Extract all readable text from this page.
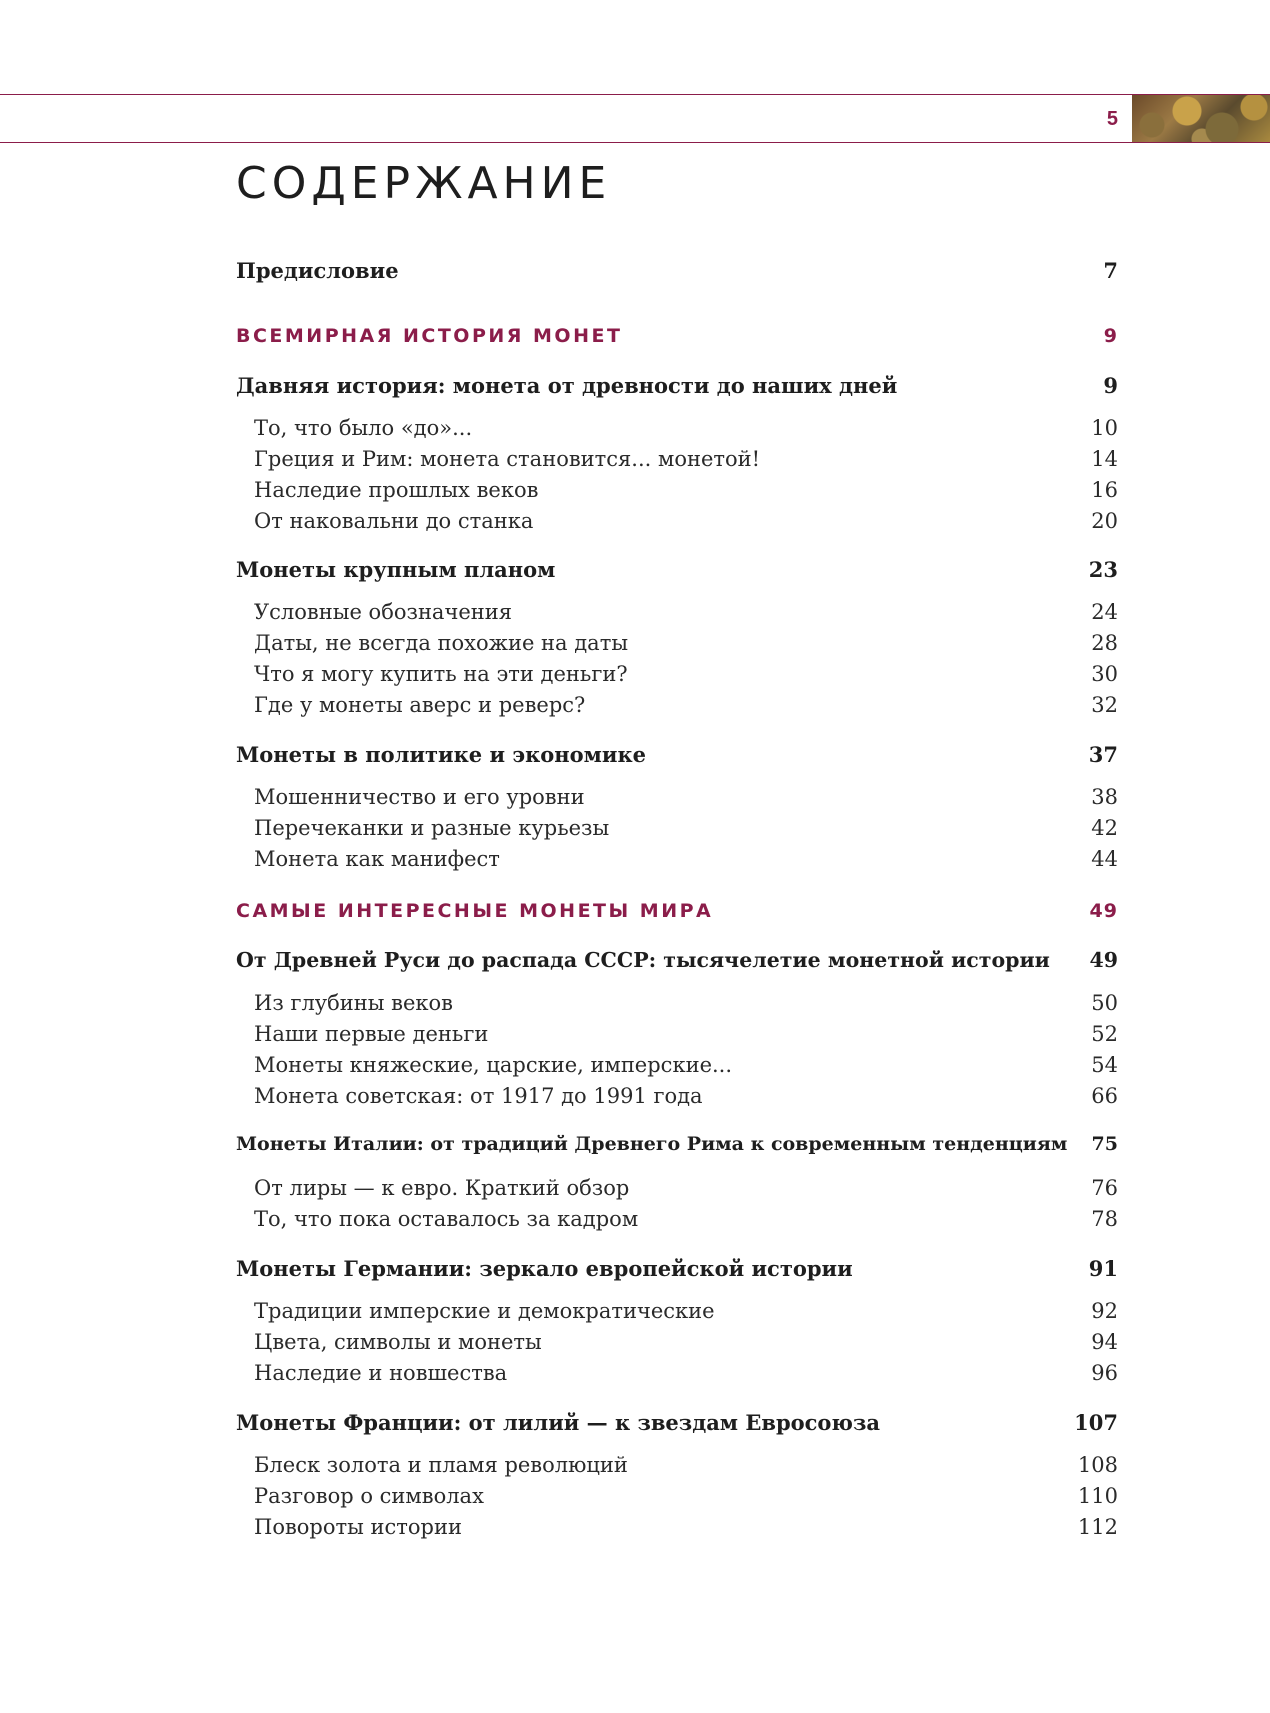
5
СОДЕРЖАНИЕ
Предисловие	7
ВСЕМИРНАЯ ИСТОРИЯ МОНЕТ	9
Давняя история: монета от древности до наших дней	9
То, что было «до»...	10
Греция и Рим: монета становится... монетой!	14
Наследие прошлых веков	16
От наковальни до станка	20
Монеты крупным планом	23
Условные обозначения	24
Даты, не всегда похожие на даты	28
Что я могу купить на эти деньги?	30
Где у монеты аверс и реверс?	32
Монеты в политике и экономике	37
Мошенничество и его уровни	38
Перечеканки и разные курьезы	42
Монета как манифест	44
САМЫЕ ИНТЕРЕСНЫЕ МОНЕТЫ МИРА	49
От Древней Руси до распада СССР: тысячелетие монетной истории 49
Из глубины веков	50
Наши первые деньги	52
Монеты княжеские, царские, имперские...	54
Монета советская: от 1917 до 1991 года	66
Монеты Италии: от традиций Древнего Рима к современным тенденциям 75
От лиры — к евро. Краткий обзор	76
То, что пока оставалось за кадром	78
Монеты Германии: зеркало европейской истории	91
Традиции имперские и демократические	92
Цвета, символы и монеты	94
Наследие и новшества	96
Монеты Франции: от лилий — к звездам Евросоюза	107
Блеск золота и пламя революций	108
Разговор о символах	110
Повороты истории	112
